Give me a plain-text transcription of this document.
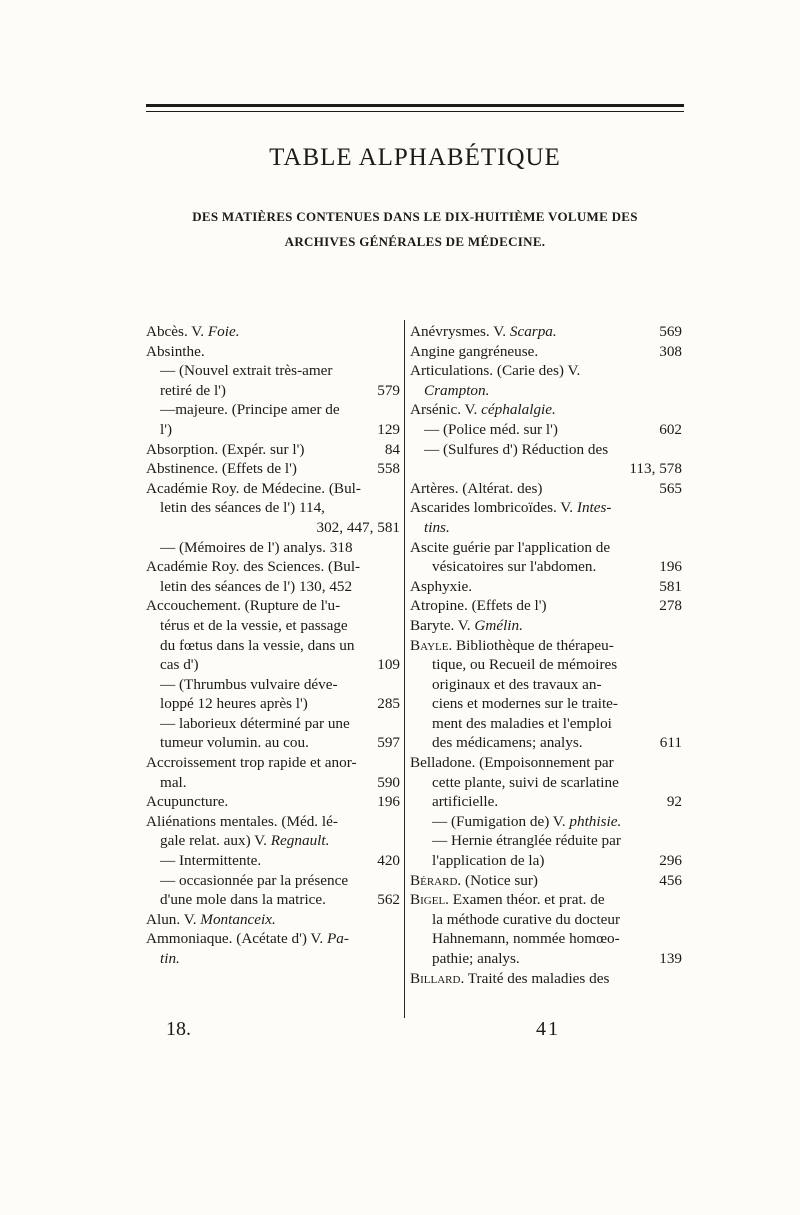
TABLE ALPHABÉTIQUE

DES MATIÈRES CONTENUES DANS LE DIX-HUITIÈME VOLUME DES

ARCHIVES GÉNÉRALES DE MÉDECINE.

Abcès. V. Foie.
Absinthe.
— (Nouvel extrait très-amer
retiré de l')	579
—majeure. (Principe amer de
l')	129
Absorption. (Expér. sur l')	84
Abstinence. (Effets de l')	558
Académie Roy. de Médecine. (Bul-
letin des séances de l') 114,
302, 447, 581
— (Mémoires de l') analys. 318
Académie Roy. des Sciences. (Bul-
letin des séances de l') 130, 452
Accouchement. (Rupture de l'u-
térus et de la vessie, et passage
du fœtus dans la vessie, dans un
cas d')	109
— (Thrumbus vulvaire déve-
loppé 12 heures après l')	285
— laborieux déterminé par une
tumeur volumin. au cou.	597
Accroissement trop rapide et anor-
mal.	590
Acupuncture.	196
Aliénations mentales. (Méd. lé-
gale relat. aux) V. Regnault.
— Intermittente.	420
— occasionnée par la présence
d'une mole dans la matrice.	562
Alun. V. Montanceix.
Ammoniaque. (Acétate d') V. Pa-
tin.
Anévrysmes. V. Scarpa.	569
Angine gangréneuse.	308
Articulations. (Carie des) V.
Crampton.
Arsénic. V. céphalalgie.
— (Police méd. sur l')	602
— (Sulfures d') Réduction des
113, 578
Artères. (Altérat. des)	565
Ascarides lombricoïdes. V. Intes-
tins.
Ascite guérie par l'application de
vésicatoires sur l'abdomen.	196
Asphyxie.	581
Atropine. (Effets de l')	278
Baryte. V. Gmélin.
Bayle. Bibliothèque de thérapeu-
tique, ou Recueil de mémoires
originaux et des travaux an-
ciens et modernes sur le traite-
ment des maladies et l'emploi
des médicamens; analys.	611
Belladone. (Empoisonnement par
cette plante, suivi de scarlatine
artificielle.	92
— (Fumigation de) V. phthisie.
— Hernie étranglée réduite par
l'application de la)	296
Bérard. (Notice sur)	456
Bigel. Examen théor. et prat. de
la méthode curative du docteur
Hahnemann, nommée homœo-
pathie; analys.	139
Billard. Traité des maladies des

18.	41
